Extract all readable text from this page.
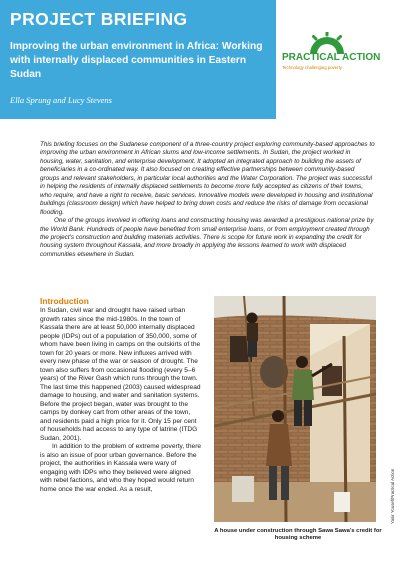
PROJECT BRIEFING
Improving the urban environment in Africa: Working with internally displaced communities in Eastern Sudan
Ella Sprung and Lucy Stevens
PRACTICAL ACTION
Technology challenging poverty

This briefing focuses on the Sudanese component of a three-country project exploring community-based approaches to improving the urban environment in African slums and low-income settlements. In Sudan, the project worked in housing, water, sanitation, and enterprise development. It adopted an integrated approach to building the assets of beneficiaries in a co-ordinated way. It also focused on creating effective partnerships between community-based groups and relevant stakeholders, in particular local authorities and the Water Corporation. The project was successful in helping the residents of internally displaced settlements to become more fully accepted as citizens of their towns, who require, and have a right to receive, basic services. Innovative models were developed in housing and institutional buildings (classroom design) which have helped to bring down costs and reduce the risks of damage from occasional flooding.

One of the groups involved in offering loans and constructing housing was awarded a prestigious national prize by the World Bank. Hundreds of people have benefited from small enterprise loans, or from employment created through the project's construction and building materials activities. There is scope for future work in expanding the credit for housing system throughout Kassala, and more broadly in applying the lessons learned to work with displaced communities elsewhere in Sudan.

Introduction

In Sudan, civil war and drought have raised urban growth rates since the mid-1980s. In the town of Kassala there are at least 50,000 internally displaced people (IDPs) out of a population of 350,000, some of whom have been living in camps on the outskirts of the town for 20 years or more. New influxes arrived with every new phase of the war or season of drought. The town also suffers from occasional flooding (every 5–6 years) of the River Gash which runs through the town. The last time this happened (2003) caused widespread damage to housing, and water and sanitation systems. Before the project began, water was brought to the camps by donkey cart from other areas of the town, and residents paid a high price for it. Only 15 per cent of households had access to any type of latrine (ITDG Sudan, 2001).

In addition to the problem of extreme poverty, there is also an issue of poor urban governance. Before the project, the authorities in Kassala were wary of engaging with IDPs who they believed were aligned with rebel factions, and who they hoped would return home once the war ended. As a result,	Yasir Yousef/Practical Action

A house under construction through Sawa Sawa's credit for housing scheme
